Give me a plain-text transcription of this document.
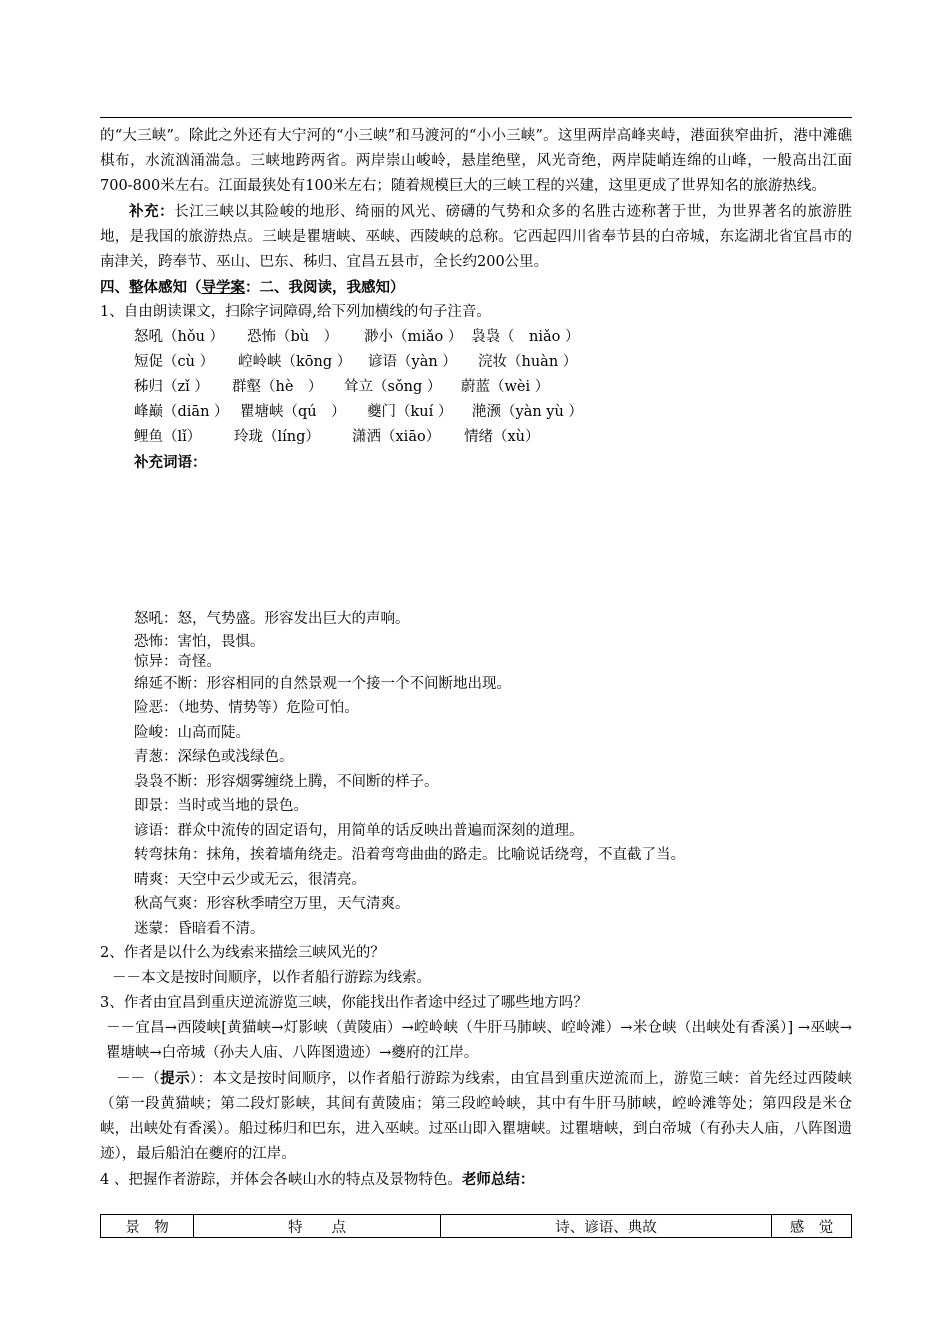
的“大三峡”。除此之外还有大宁河的“小三峡”和马渡河的“小小三峡”。这里两岸高峰夹峙，港面狭窄曲折，港中滩礁棋布，水流汹涌湍急。三峡地跨两省。两岸崇山峻岭，悬崖绝壁，风光奇绝，两岸陡峭连绵的山峰，一般高出江面700-800米左右。江面最狭处有100米左右；随着规模巨大的三峡工程的兴建，这里更成了世界知名的旅游热线。
补充：长江三峡以其险峻的地形、绮丽的风光、磅礴的气势和众多的名胜古迹称著于世，为世界著名的旅游胜地，是我国的旅游热点。三峡是瞿塘峡、巫峡、西陵峡的总称。它西起四川省奉节县的白帝城，东迄湖北省宜昌市的南津关，跨奉节、巫山、巴东、秭归、宜昌五县市，全长约200公里。
四、整体感知（导学案：二、我阅读，我感知）
1、自由朗读课文，扫除字词障碍,给下列加横线的句子注音。
怒吼（hǒu ） 恐怖（bù　） 渺小（miǎo ） 袅袅（　niǎo ）
短促（cù ） 崆岭峡（kōng ） 谚语（yàn ） 浣妆（huàn ）
秭归（zǐ ） 群壑（hè　） 耸立（sǒng ） 蔚蓝（wèi ）
峰巅（diān ） 瞿塘峡（qú　） 夔门（kuí ） 滟滪（yàn yù ）
鲤鱼（lǐ） 玲珑（líng） 潇洒（xiāo） 情绪（xù）
补充词语：
怒吼：怒，气势盛。形容发出巨大的声响。
恐怖：害怕，畏惧。
惊异：奇怪。
绵延不断：形容相同的自然景观一个接一个不间断地出现。
险恶：（地势、情势等）危险可怕。
险峻：山高而陡。
青葱：深绿色或浅绿色。
袅袅不断：形容烟雾缠绕上腾，不间断的样子。
即景：当时或当地的景色。
谚语：群众中流传的固定语句，用简单的话反映出普遍而深刻的道理。
转弯抹角：抹角，挨着墙角绕走。沿着弯弯曲曲的路走。比喻说话绕弯，不直截了当。
晴爽：天空中云少或无云，很清亮。
秋高气爽：形容秋季晴空万里，天气清爽。
迷蒙：昏暗看不清。
2、作者是以什么为线索来描绘三峡风光的？
－－本文是按时间顺序，以作者船行游踪为线索。
3、作者由宜昌到重庆逆流游览三峡，你能找出作者途中经过了哪些地方吗？
－－宜昌→西陵峡[黄猫峡→灯影峡（黄陵庙）→崆岭峡（牛肝马肺峡、崆岭滩）→米仓峡（出峡处有香溪）] →巫峡→瞿塘峡→白帝城（孙夫人庙、八阵图遗迹）→夔府的江岸。
－－（提示）：本文是按时间顺序，以作者船行游踪为线索，由宜昌到重庆逆流而上，游览三峡：首先经过西陵峡（第一段黄猫峡；第二段灯影峡，其间有黄陵庙；第三段崆岭峡，其中有牛肝马肺峡，崆岭滩等处；第四段是米仓峡，出峡处有香溪）。船过秭归和巴东，进入巫峡。过巫山即入瞿塘峡。过瞿塘峡，到白帝城（有孙夫人庙，八阵图遗迹），最后船泊在夔府的江岸。
4 、把握作者游踪，并体会各峡山水的特点及景物特色。老师总结：
景　物	特　　点	诗、谚语、典故	感　觉
